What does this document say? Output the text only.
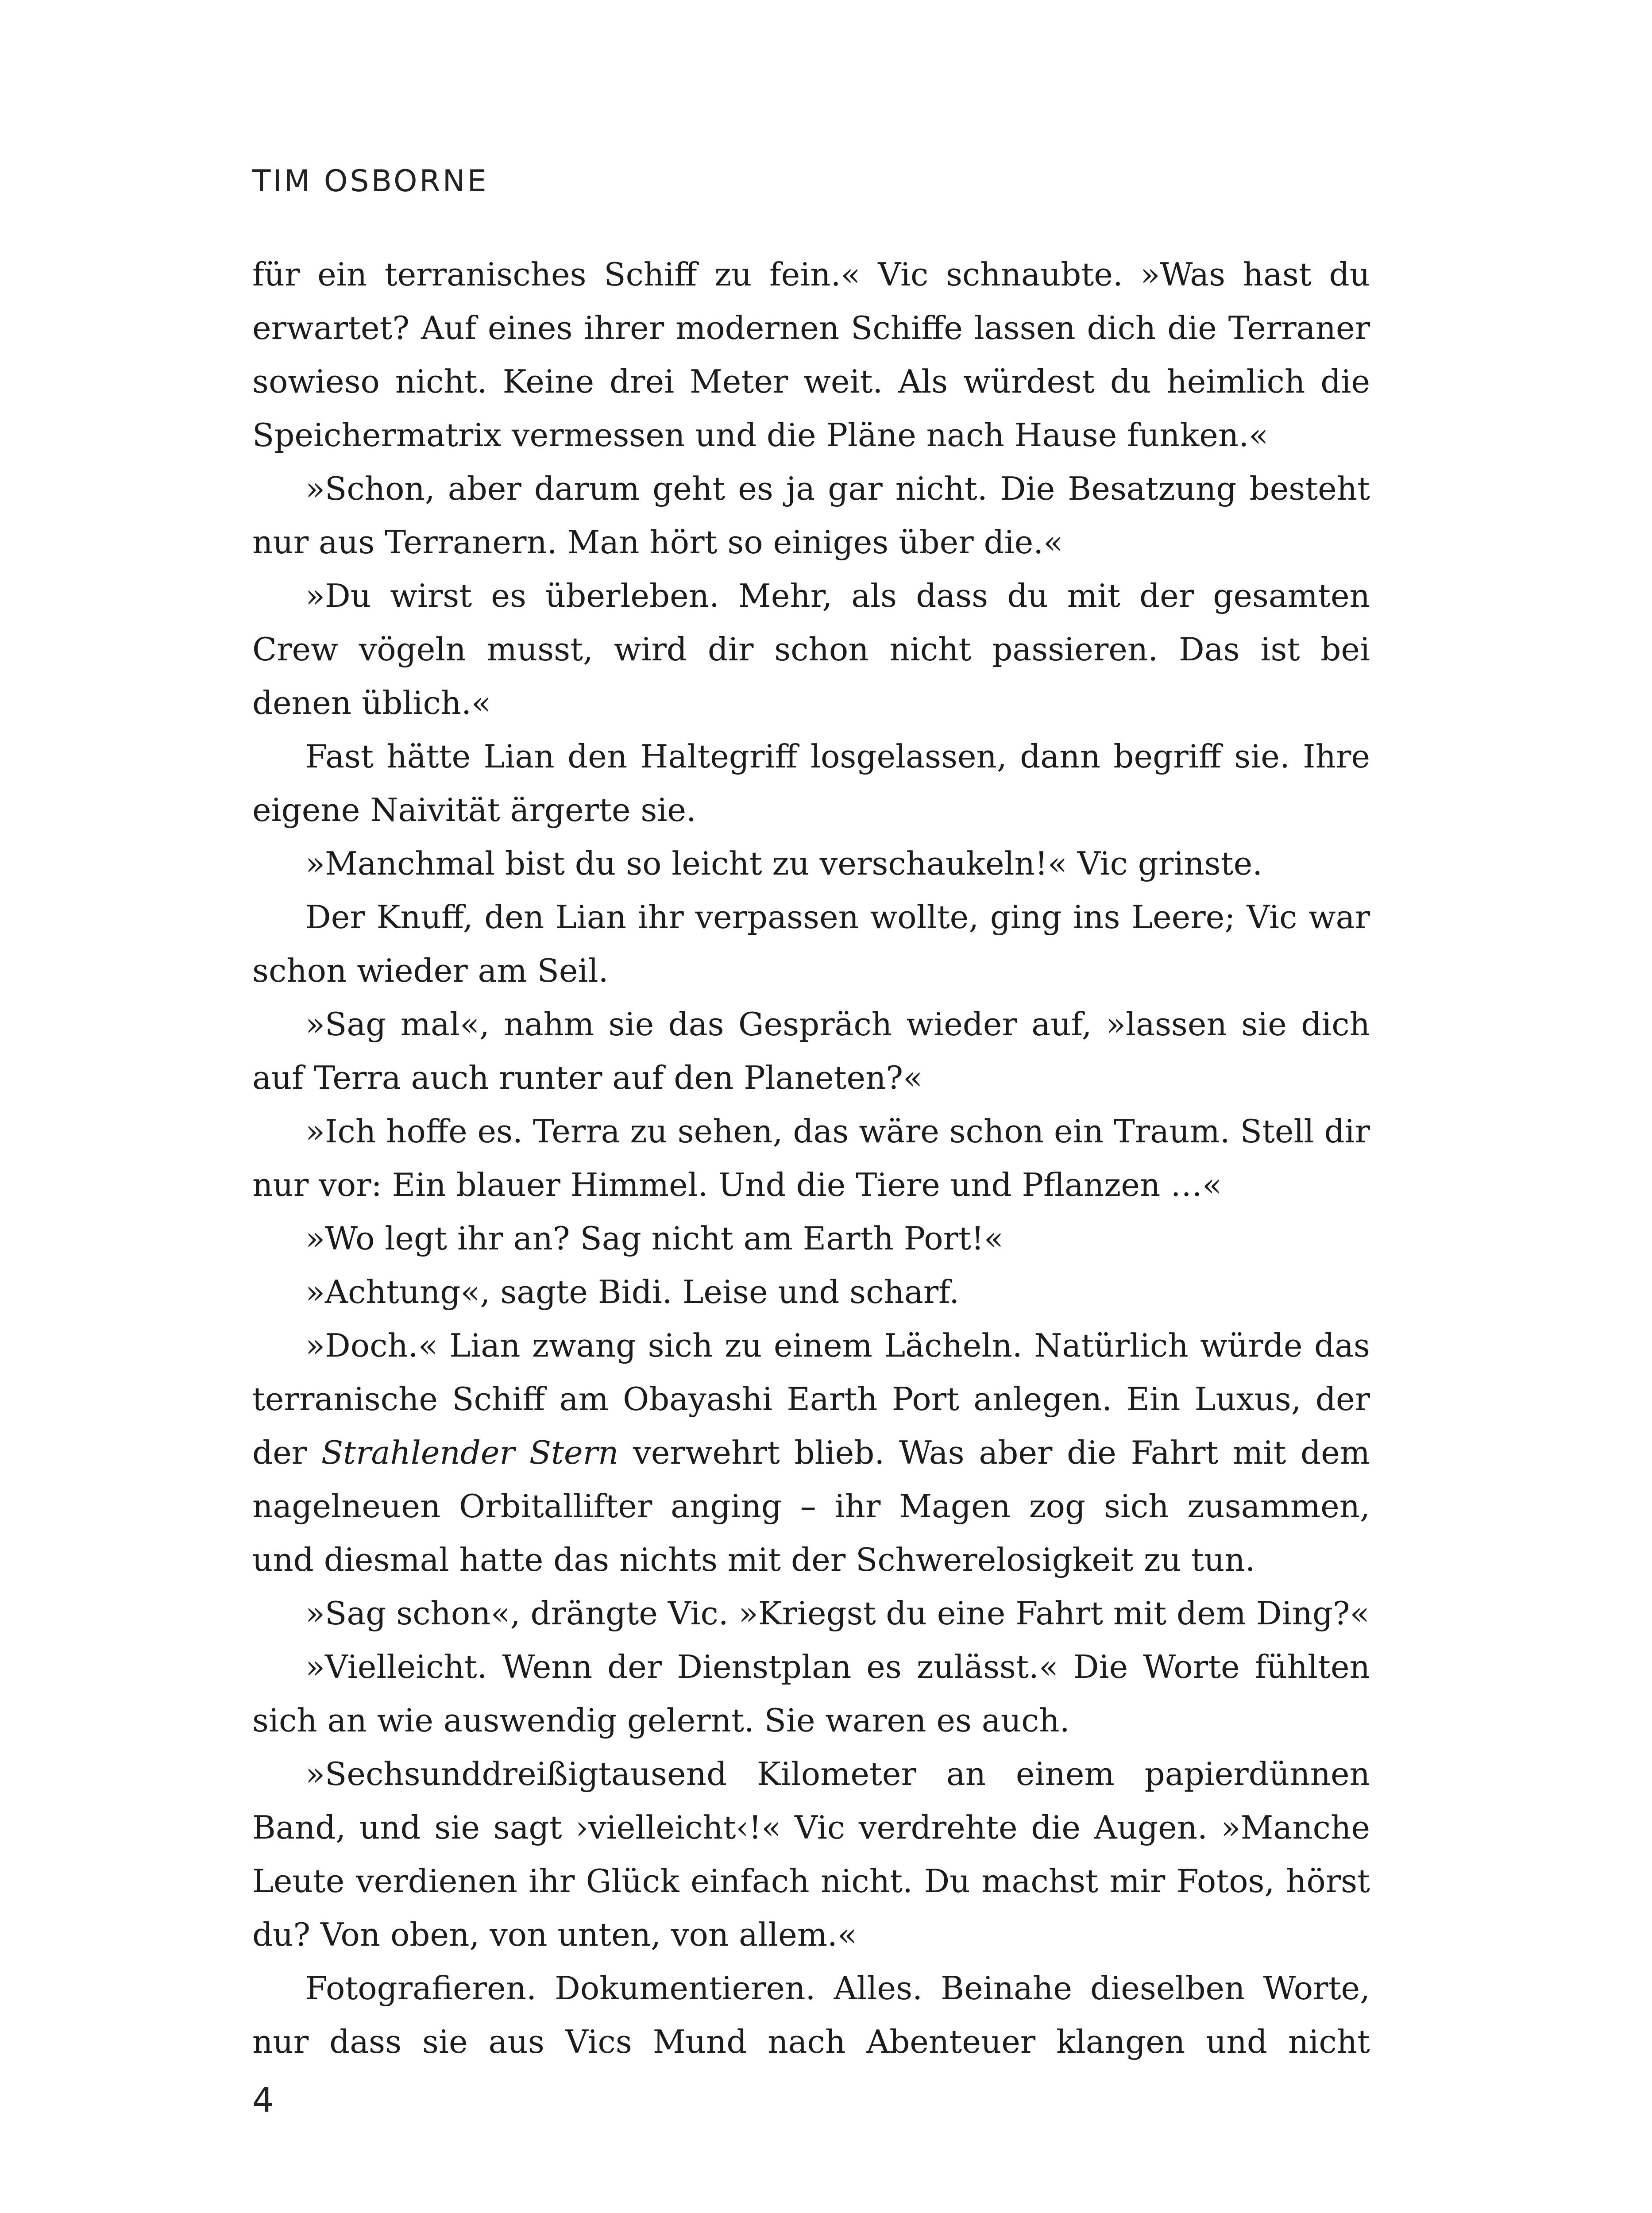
TIM OSBORNE

für ein terranisches Schiff zu fein.« Vic schnaubte. »Was hast du erwartet? Auf eines ihrer modernen Schiffe lassen dich die Terraner sowieso nicht. Keine drei Meter weit. Als würdest du heimlich die Speichermatrix vermessen und die Pläne nach Hause funken.«

»Schon, aber darum geht es ja gar nicht. Die Besatzung besteht nur aus Terranern. Man hört so einiges über die.«

»Du wirst es überleben. Mehr, als dass du mit der gesamten Crew vögeln musst, wird dir schon nicht passieren. Das ist bei denen üblich.«

Fast hätte Lian den Haltegriff losgelassen, dann begriff sie. Ihre eigene Naivität ärgerte sie.

»Manchmal bist du so leicht zu verschaukeln!« Vic grinste.

Der Knuff, den Lian ihr verpassen wollte, ging ins Leere; Vic war schon wieder am Seil.

»Sag mal«, nahm sie das Gespräch wieder auf, »lassen sie dich auf Terra auch runter auf den Planeten?«

»Ich hoffe es. Terra zu sehen, das wäre schon ein Traum. Stell dir nur vor: Ein blauer Himmel. Und die Tiere und Pflanzen …«

»Wo legt ihr an? Sag nicht am Earth Port!«

»Achtung«, sagte Bidi. Leise und scharf.

»Doch.« Lian zwang sich zu einem Lächeln. Natürlich würde das terranische Schiff am Obayashi Earth Port anlegen. Ein Luxus, der der Strahlender Stern verwehrt blieb. Was aber die Fahrt mit dem nagelneuen Orbitallifter anging – ihr Magen zog sich zusammen, und diesmal hatte das nichts mit der Schwerelosigkeit zu tun.

»Sag schon«, drängte Vic. »Kriegst du eine Fahrt mit dem Ding?«

»Vielleicht. Wenn der Dienstplan es zulässt.« Die Worte fühlten sich an wie auswendig gelernt. Sie waren es auch.

»Sechsunddreißigtausend Kilometer an einem papierdünnen Band, und sie sagt ›vielleicht‹!« Vic verdrehte die Augen. »Manche Leute verdienen ihr Glück einfach nicht. Du machst mir Fotos, hörst du? Von oben, von unten, von allem.«

Fotografieren. Dokumentieren. Alles. Beinahe dieselben Worte, nur dass sie aus Vics Mund nach Abenteuer klangen und nicht

4
